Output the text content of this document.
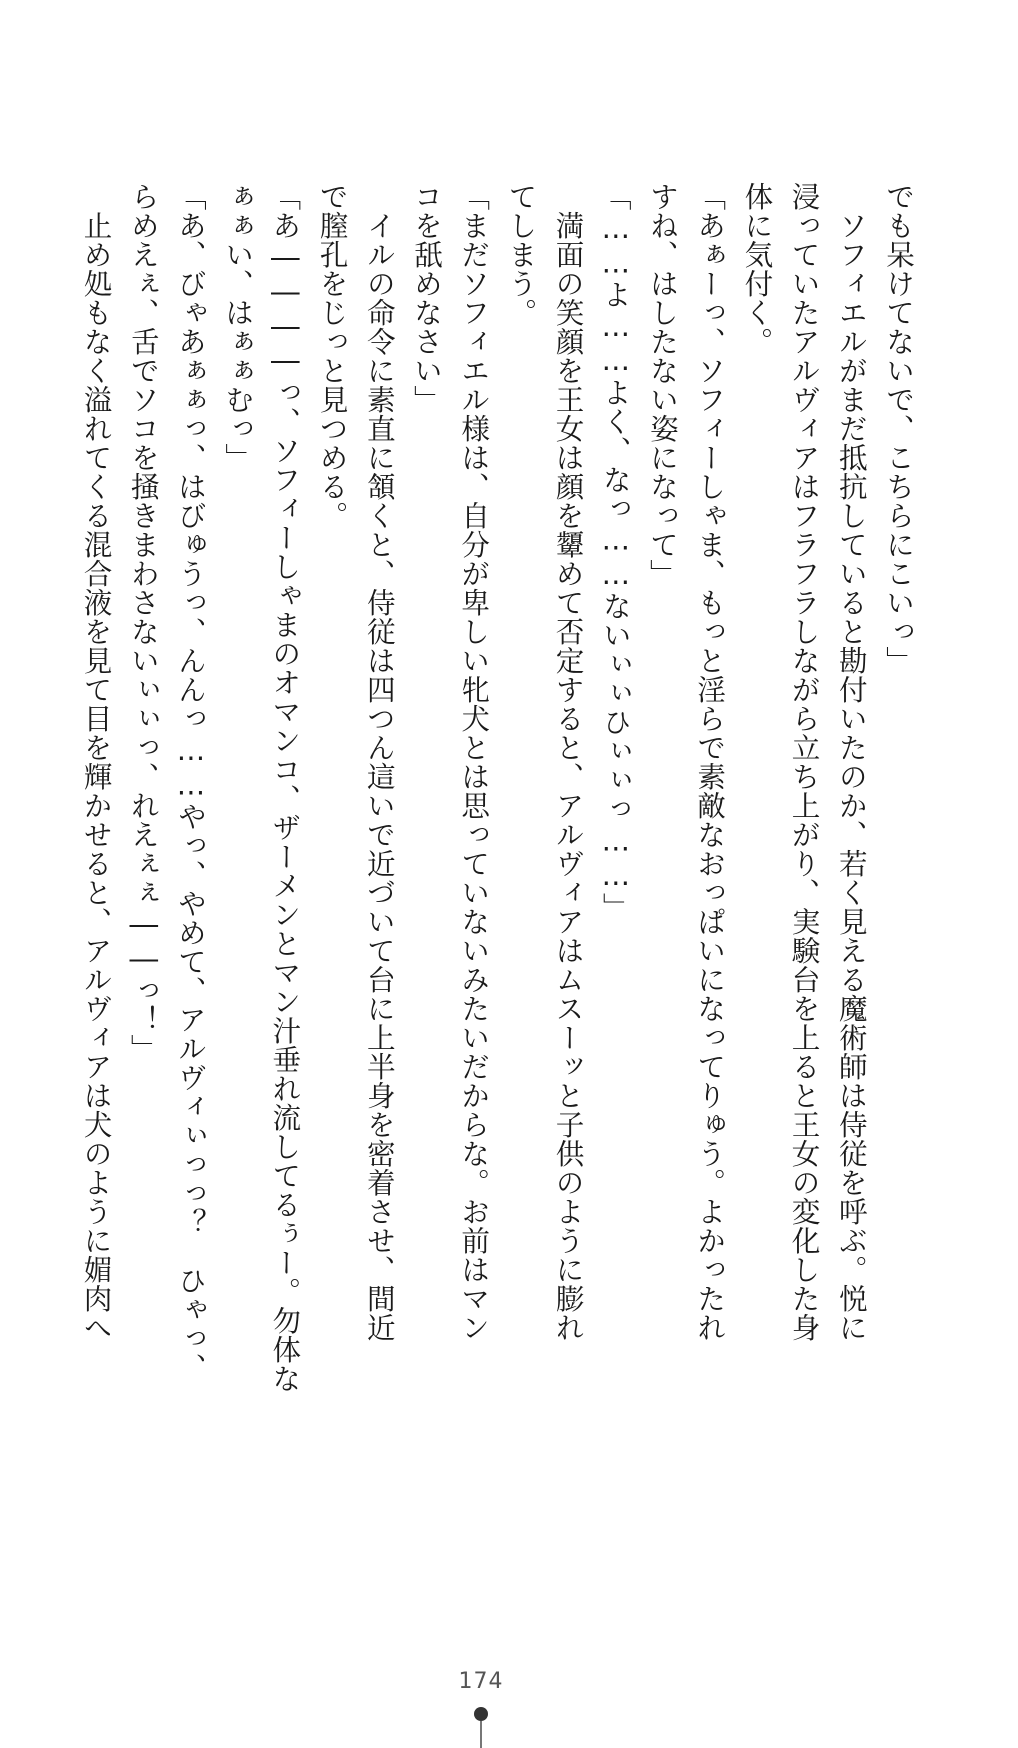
でも呆けてないで、こちらにこいっ」
　ソフィエルがまだ抵抗していると勘付いたのか、若く見える魔術師は侍従を呼ぶ。悦に
浸っていたアルヴィアはフラフラしながら立ち上がり、実験台を上ると王女の変化した身
体に気付く。
「あぁーっ、ソフィーしゃま、もっと淫らで素敵なおっぱいになってりゅう。よかったれ
すね、はしたない姿になって」
「……よ……よく、なっ……ないぃぃひぃぃっ……」
　満面の笑顔を王女は顔を顰めて否定すると、アルヴィアはムスーッと子供のように膨れ
てしまう。
「まだソフィエル様は、自分が卑しい牝犬とは思っていないみたいだからな。お前はマン
コを舐めなさい」
　イルの命令に素直に頷くと、侍従は四つん這いで近づいて台に上半身を密着させ、間近
で膣孔をじっと見つめる。
「あ――――っ、ソフィーしゃまのオマンコ、ザーメンとマン汁垂れ流してるぅー。勿体な
ぁぁい、はぁぁむっ」
「あ、びゃあぁぁっ、はびゅうっ、んんっ……やっ、やめて、アルヴィぃっっ？　ひゃっ、
らめえぇ、舌でソコを掻きまわさないぃぃっ、れえぇぇ――っ！」
　止め処もなく溢れてくる混合液を見て目を輝かせると、アルヴィアは犬のように媚肉へ
174
